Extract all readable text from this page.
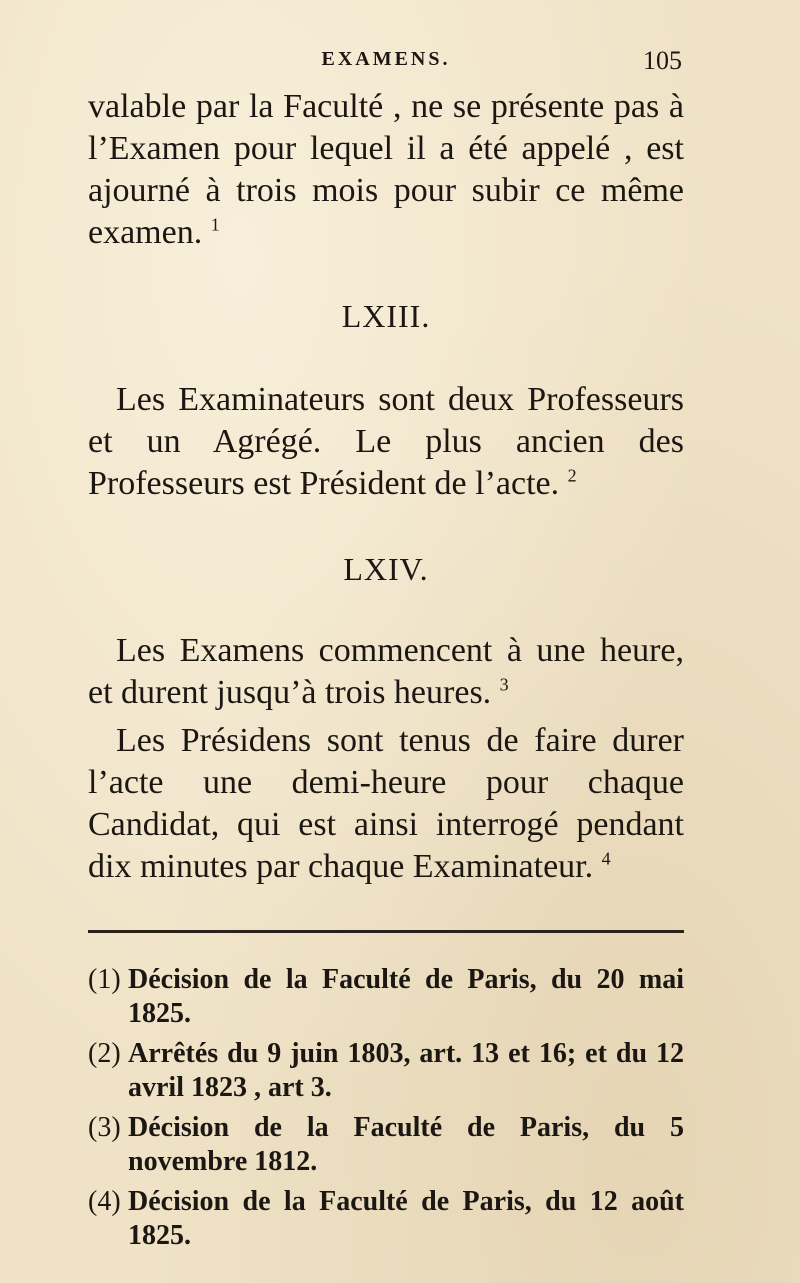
EXAMENS.	105

valable par la Faculté , ne se présente pas à l’Examen pour lequel il a été appelé , est ajourné à trois mois pour subir ce même examen. $^1$

LXIII.

Les Examinateurs sont deux Professeurs et un Agrégé. Le plus ancien des Professeurs est Président de l’acte. $^2$

LXIV.

Les Examens commencent à une heure, et durent jusqu’à trois heures. $^3$

Les Présidens sont tenus de faire durer l’acte une demi-heure pour chaque Candidat, qui est ainsi interrogé pendant dix minutes par chaque Examinateur. $^4$

(1) Décision de la Faculté de Paris, du 20 mai 1825.
(2) Arrêtés du 9 juin 1803, art. 13 et 16; et du 12 avril 1823 , art 3.
(3) Décision de la Faculté de Paris, du 5 novembre 1812.
(4) Décision de la Faculté de Paris, du 12 août 1825.
